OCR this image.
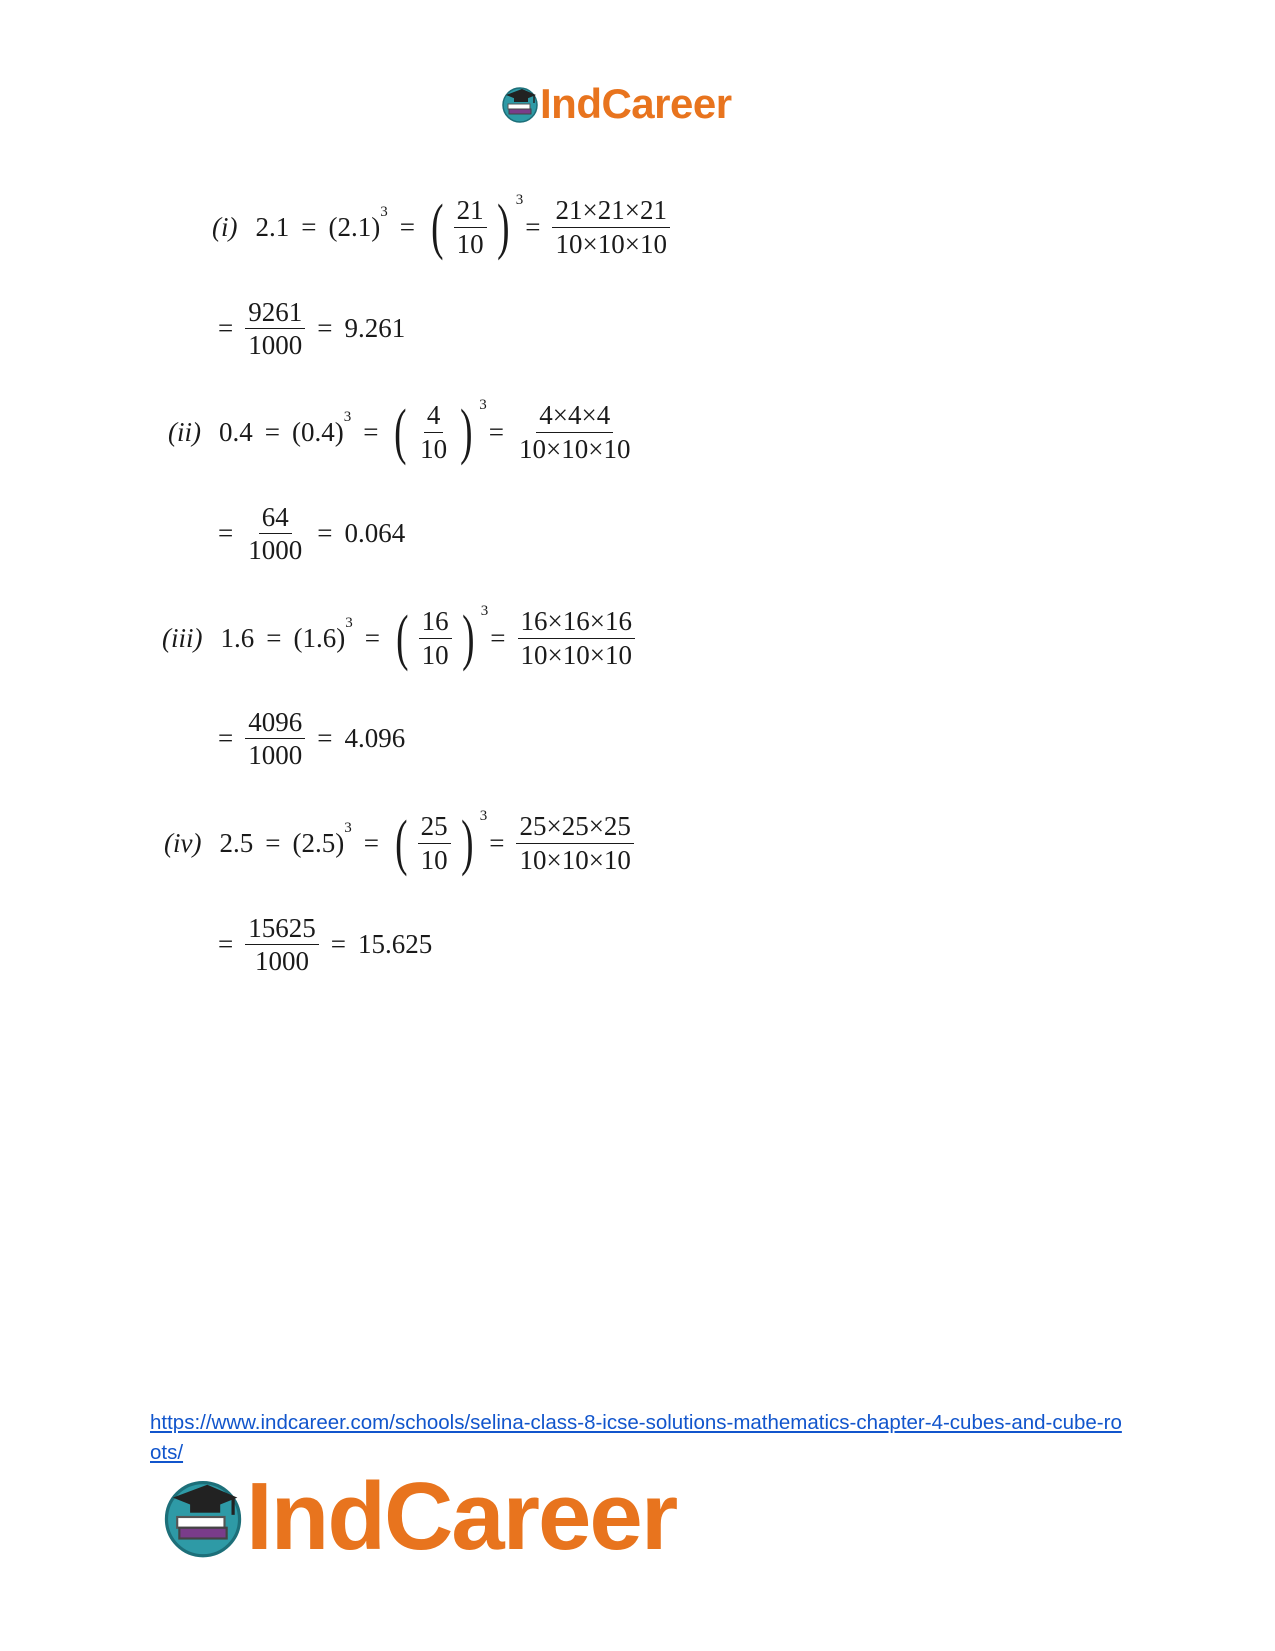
IndCareer
(i) $2.1 = (2.1)^3$ = ( $\frac{21}{10}$ ) $^3$
= $\frac{21\times 21\times 21}{10\times 10\times 10}$
= $\frac{9261}{1000} = 9.261$
(ii) $0.4 = (0.4)^3$ = ( $\frac{4}{10}$ ) $^3$
= $\frac{4\times 4\times 4}{10\times 10\times 10}$
= $\frac{64}{1000} = 0.064$
(iii) $1.6 = (1.6)^3$ = ( $\frac{16}{10}$ ) $^3$
= $\frac{16\times 16\times 16}{10\times 10\times 10}$
= $\frac{4096}{1000} = 4.096$
(iv) $2.5 = (2.5)^3$ = ( $\frac{25}{10}$ ) $^3$
= $\frac{25\times 25\times 25}{10\times 10\times 10}$
= $\frac{15625}{1000} = 15.625$
https://www.indcareer.com/schools/selina-class-8-icse-solutions-mathematics-chapter-4-cubes-and-cube-roots/
IndCareer
